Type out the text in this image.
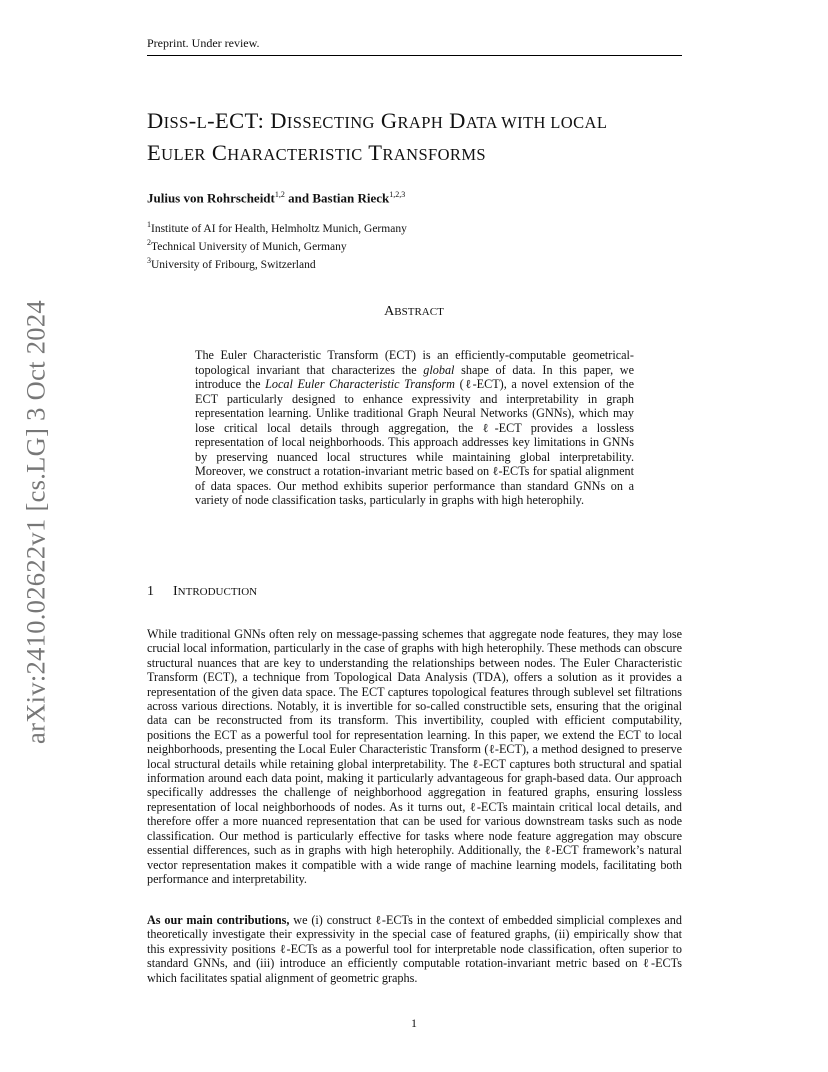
Preprint. Under review.
arXiv:2410.02622v1 [cs.LG] 3 Oct 2024
DISS-L-ECT: DISSECTING GRAPH DATA WITH LOCAL
EULER CHARACTERISTIC TRANSFORMS
Julius von Rohrscheidt$^{1,2}$ and Bastian Rieck$^{1,2,3}$
$^1$Institute of AI for Health, Helmholtz Munich, Germany
$^2$Technical University of Munich, Germany
$^3$University of Fribourg, Switzerland
ABSTRACT
The Euler Characteristic Transform (ECT) is an efficiently-computable geometrical-topological invariant that characterizes the global shape of data. In this paper, we introduce the Local Euler Characteristic Transform (ℓ-ECT), a novel extension of the ECT particularly designed to enhance expressivity and interpretability in graph representation learning. Unlike traditional Graph Neural Networks (GNNs), which may lose critical local details through aggregation, the ℓ-ECT provides a lossless representation of local neighborhoods. This approach addresses key limitations in GNNs by preserving nuanced local structures while maintaining global interpretability. Moreover, we construct a rotation-invariant metric based on ℓ-ECTs for spatial alignment of data spaces. Our method exhibits superior performance than standard GNNs on a variety of node classification tasks, particularly in graphs with high heterophily.
1 INTRODUCTION
While traditional GNNs often rely on message-passing schemes that aggregate node features, they may lose crucial local information, particularly in the case of graphs with high heterophily. These methods can obscure structural nuances that are key to understanding the relationships between nodes. The Euler Characteristic Transform (ECT), a technique from Topological Data Analysis (TDA), offers a solution as it provides a representation of the given data space. The ECT captures topological features through sublevel set filtrations across various directions. Notably, it is invertible for so-called constructible sets, ensuring that the original data can be reconstructed from its transform. This invertibility, coupled with efficient computability, positions the ECT as a powerful tool for representation learning. In this paper, we extend the ECT to local neighborhoods, presenting the Local Euler Characteristic Transform (ℓ-ECT), a method designed to preserve local structural details while retaining global interpretability. The ℓ-ECT captures both structural and spatial information around each data point, making it particularly advantageous for graph-based data. Our approach specifically addresses the challenge of neighborhood aggregation in featured graphs, ensuring lossless representation of local neighborhoods of nodes. As it turns out, ℓ-ECTs maintain critical local details, and therefore offer a more nuanced representation that can be used for various downstream tasks such as node classification. Our method is particularly effective for tasks where node feature aggregation may obscure essential differences, such as in graphs with high heterophily. Additionally, the ℓ-ECT framework’s natural vector representation makes it compatible with a wide range of machine learning models, facilitating both performance and interpretability.
As our main contributions, we (i) construct ℓ-ECTs in the context of embedded simplicial complexes and theoretically investigate their expressivity in the special case of featured graphs, (ii) empirically show that this expressivity positions ℓ-ECTs as a powerful tool for interpretable node classification, often superior to standard GNNs, and (iii) introduce an efficiently computable rotation-invariant metric based on ℓ-ECTs which facilitates spatial alignment of geometric graphs.
1
